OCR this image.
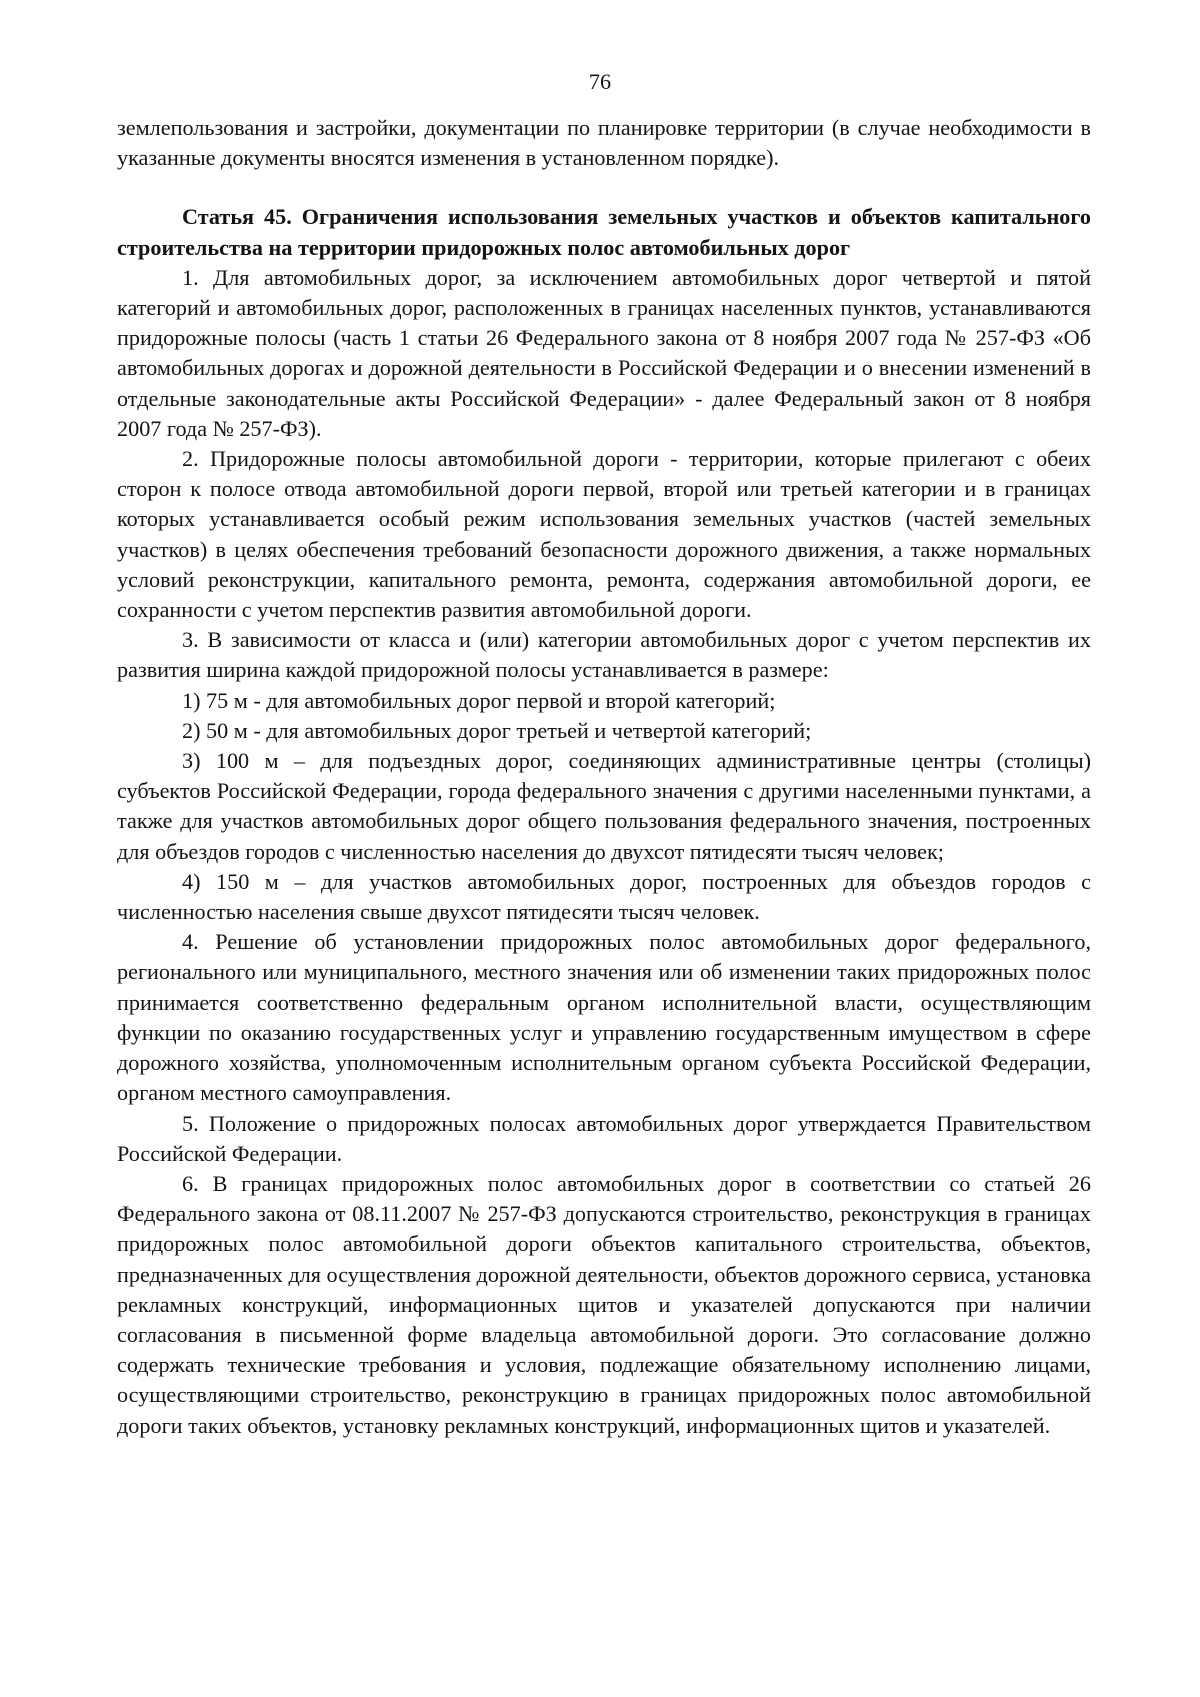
76

землепользования и застройки, документации по планировке территории (в случае необходимости в указанные документы вносятся изменения в установленном порядке).

Статья 45. Ограничения использования земельных участков и объектов капитального строительства на территории придорожных полос автомобильных дорог

1. Для автомобильных дорог, за исключением автомобильных дорог четвертой и пятой категорий и автомобильных дорог, расположенных в границах населенных пунктов, устанавливаются придорожные полосы (часть 1 статьи 26 Федерального закона от 8 ноября 2007 года № 257-ФЗ «Об автомобильных дорогах и дорожной деятельности в Российской Федерации и о внесении изменений в отдельные законодательные акты Российской Федерации» - далее Федеральный закон от 8 ноября 2007 года № 257-ФЗ).

2. Придорожные полосы автомобильной дороги - территории, которые прилегают с обеих сторон к полосе отвода автомобильной дороги первой, второй или третьей категории и в границах которых устанавливается особый режим использования земельных участков (частей земельных участков) в целях обеспечения требований безопасности дорожного движения, а также нормальных условий реконструкции, капитального ремонта, ремонта, содержания автомобильной дороги, ее сохранности с учетом перспектив развития автомобильной дороги.

3. В зависимости от класса и (или) категории автомобильных дорог с учетом перспектив их развития ширина каждой придорожной полосы устанавливается в размере:

1) 75 м - для автомобильных дорог первой и второй категорий;

2) 50 м - для автомобильных дорог третьей и четвертой категорий;

3) 100 м – для подъездных дорог, соединяющих административные центры (столицы) субъектов Российской Федерации, города федерального значения с другими населенными пунктами, а также для участков автомобильных дорог общего пользования федерального значения, построенных для объездов городов с численностью населения до двухсот пятидесяти тысяч человек;

4) 150 м – для участков автомобильных дорог, построенных для объездов городов с численностью населения свыше двухсот пятидесяти тысяч человек.

4. Решение об установлении придорожных полос автомобильных дорог федерального, регионального или муниципального, местного значения или об изменении таких придорожных полос принимается соответственно федеральным органом исполнительной власти, осуществляющим функции по оказанию государственных услуг и управлению государственным имуществом в сфере дорожного хозяйства, уполномоченным исполнительным органом субъекта Российской Федерации, органом местного самоуправления.

5. Положение о придорожных полосах автомобильных дорог утверждается Правительством Российской Федерации.

6. В границах придорожных полос автомобильных дорог в соответствии со статьей 26 Федерального закона от 08.11.2007 № 257-ФЗ допускаются строительство, реконструкция в границах придорожных полос автомобильной дороги объектов капитального строительства, объектов, предназначенных для осуществления дорожной деятельности, объектов дорожного сервиса, установка рекламных конструкций, информационных щитов и указателей допускаются при наличии согласования в письменной форме владельца автомобильной дороги. Это согласование должно содержать технические требования и условия, подлежащие обязательному исполнению лицами, осуществляющими строительство, реконструкцию в границах придорожных полос автомобильной дороги таких объектов, установку рекламных конструкций, информационных щитов и указателей.
